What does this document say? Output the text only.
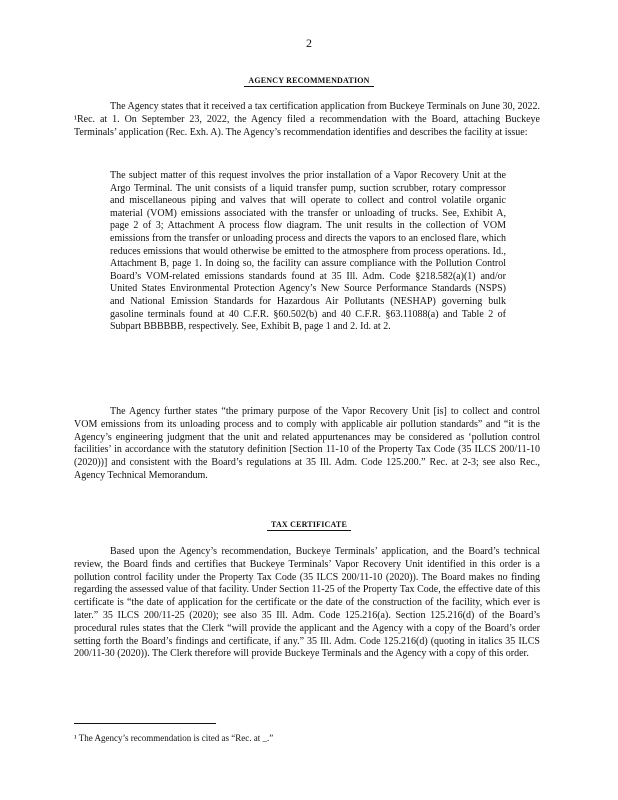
2
AGENCY RECOMMENDATION

The Agency states that it received a tax certification application from Buckeye Terminals on June 30, 2022. ¹Rec. at 1. On September 23, 2022, the Agency filed a recommendation with the Board, attaching Buckeye Terminals’ application (Rec. Exh. A). The Agency’s recommendation identifies and describes the facility at issue:

The subject matter of this request involves the prior installation of a Vapor Recovery Unit at the Argo Terminal. The unit consists of a liquid transfer pump, suction scrubber, rotary compressor and miscellaneous piping and valves that will operate to collect and control volatile organic material (VOM) emissions associated with the transfer or unloading of trucks. See, Exhibit A, page 2 of 3; Attachment A process flow diagram. The unit results in the collection of VOM emissions from the transfer or unloading process and directs the vapors to an enclosed flare, which reduces emissions that would otherwise be emitted to the atmosphere from process operations. Id., Attachment B, page 1. In doing so, the facility can assure compliance with the Pollution Control Board’s VOM-related emissions standards found at 35 Ill. Adm. Code §218.582(a)(1) and/or United States Environmental Protection Agency’s New Source Performance Standards (NSPS) and National Emission Standards for Hazardous Air Pollutants (NESHAP) governing bulk gasoline terminals found at 40 C.F.R. §60.502(b) and 40 C.F.R. §63.11088(a) and Table 2 of Subpart BBBBBB, respectively. See, Exhibit B, page 1 and 2. Id. at 2.

The Agency further states “the primary purpose of the Vapor Recovery Unit [is] to collect and control VOM emissions from its unloading process and to comply with applicable air pollution standards” and “it is the Agency’s engineering judgment that the unit and related appurtenances may be considered as ‘pollution control facilities’ in accordance with the statutory definition [Section 11-10 of the Property Tax Code (35 ILCS 200/11-10 (2020))] and consistent with the Board’s regulations at 35 Ill. Adm. Code 125.200.” Rec. at 2-3; see also Rec., Agency Technical Memorandum.

TAX CERTIFICATE

Based upon the Agency’s recommendation, Buckeye Terminals’ application, and the Board’s technical review, the Board finds and certifies that Buckeye Terminals’ Vapor Recovery Unit identified in this order is a pollution control facility under the Property Tax Code (35 ILCS 200/11-10 (2020)). The Board makes no finding regarding the assessed value of that facility. Under Section 11-25 of the Property Tax Code, the effective date of this certificate is “the date of application for the certificate or the date of the construction of the facility, which ever is later.” 35 ILCS 200/11-25 (2020); see also 35 Ill. Adm. Code 125.216(a). Section 125.216(d) of the Board’s procedural rules states that the Clerk “will provide the applicant and the Agency with a copy of the Board’s order setting forth the Board’s findings and certificate, if any.” 35 Ill. Adm. Code 125.216(d) (quoting in italics 35 ILCS 200/11-30 (2020)). The Clerk therefore will provide Buckeye Terminals and the Agency with a copy of this order.

¹ The Agency’s recommendation is cited as “Rec. at _.”
